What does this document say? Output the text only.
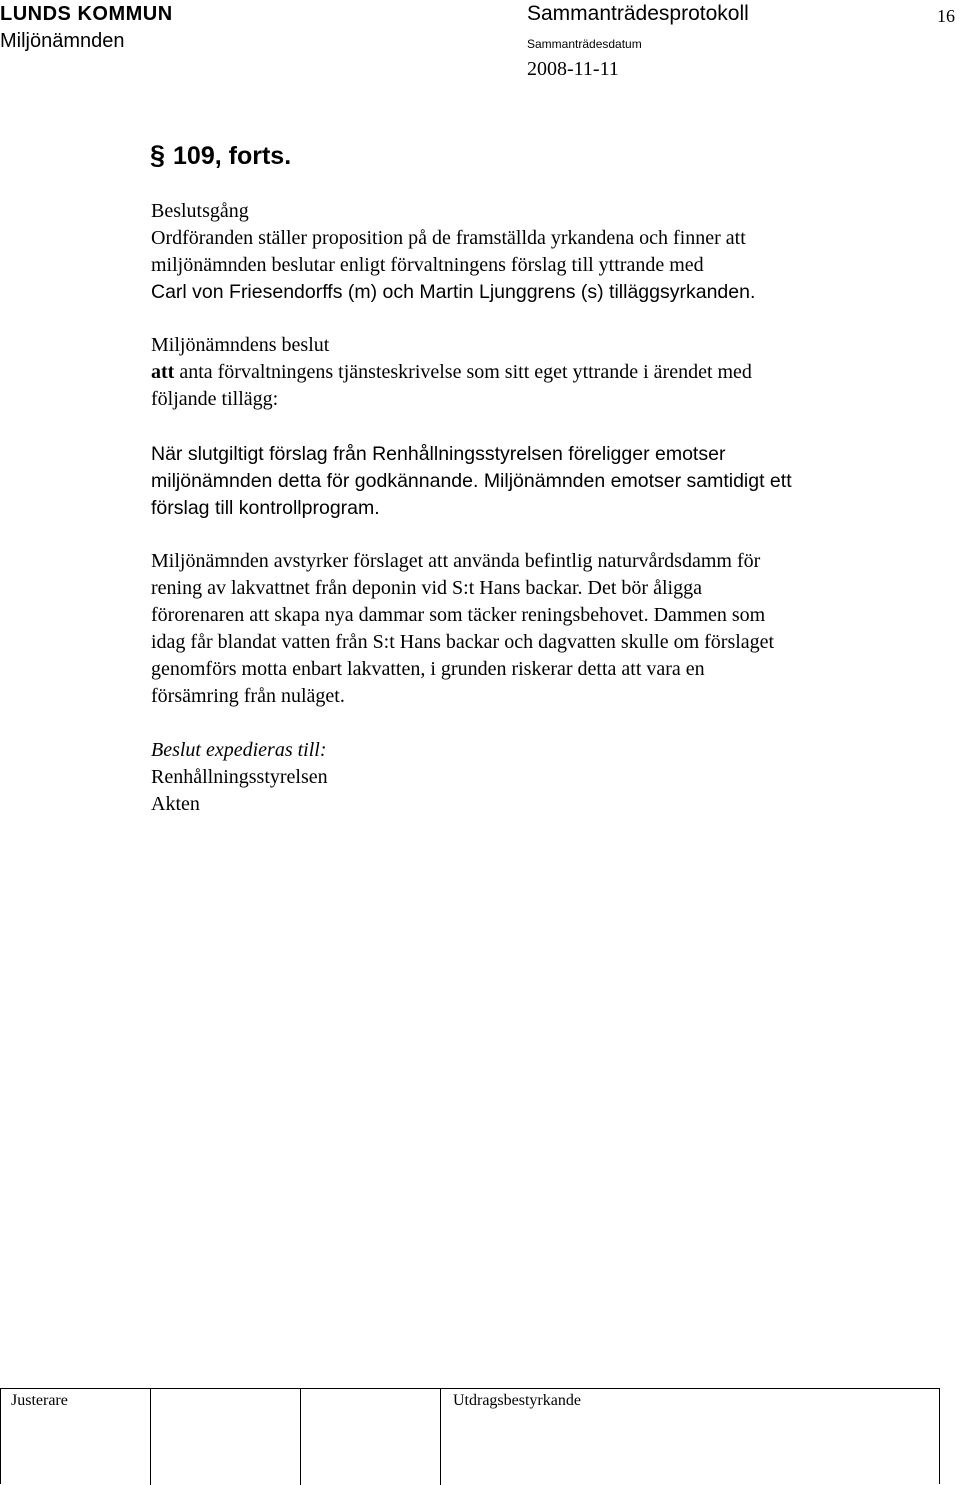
LUNDS KOMMUN
Miljönämnden
Sammanträdesprotokoll	16
Sammanträdesdatum
2008-11-11
§ 109, forts.
Beslutsgång
Ordföranden ställer proposition på de framställda yrkandena och finner att
miljönämnden beslutar enligt förvaltningens förslag till yttrande med
Carl von Friesendorffs (m) och Martin Ljunggrens (s) tilläggsyrkanden.
Miljönämndens beslut
att anta förvaltningens tjänsteskrivelse som sitt eget yttrande i ärendet med
följande tillägg:
När slutgiltigt förslag från Renhållningsstyrelsen föreligger emotser
miljönämnden detta för godkännande. Miljönämnden emotser samtidigt ett
förslag till kontrollprogram.
Miljönämnden avstyrker förslaget att använda befintlig naturvårdsdamm för
rening av lakvattnet från deponin vid S:t Hans backar. Det bör åligga
förorenaren att skapa nya dammar som täcker reningsbehovet. Dammen som
idag får blandat vatten från S:t Hans backar och dagvatten skulle om förslaget
genomförs motta enbart lakvatten, i grunden riskerar detta att vara en
försämring från nuläget.
Beslut expedieras till:
Renhållningsstyrelsen
Akten
Justerare	Utdragsbestyrkande
